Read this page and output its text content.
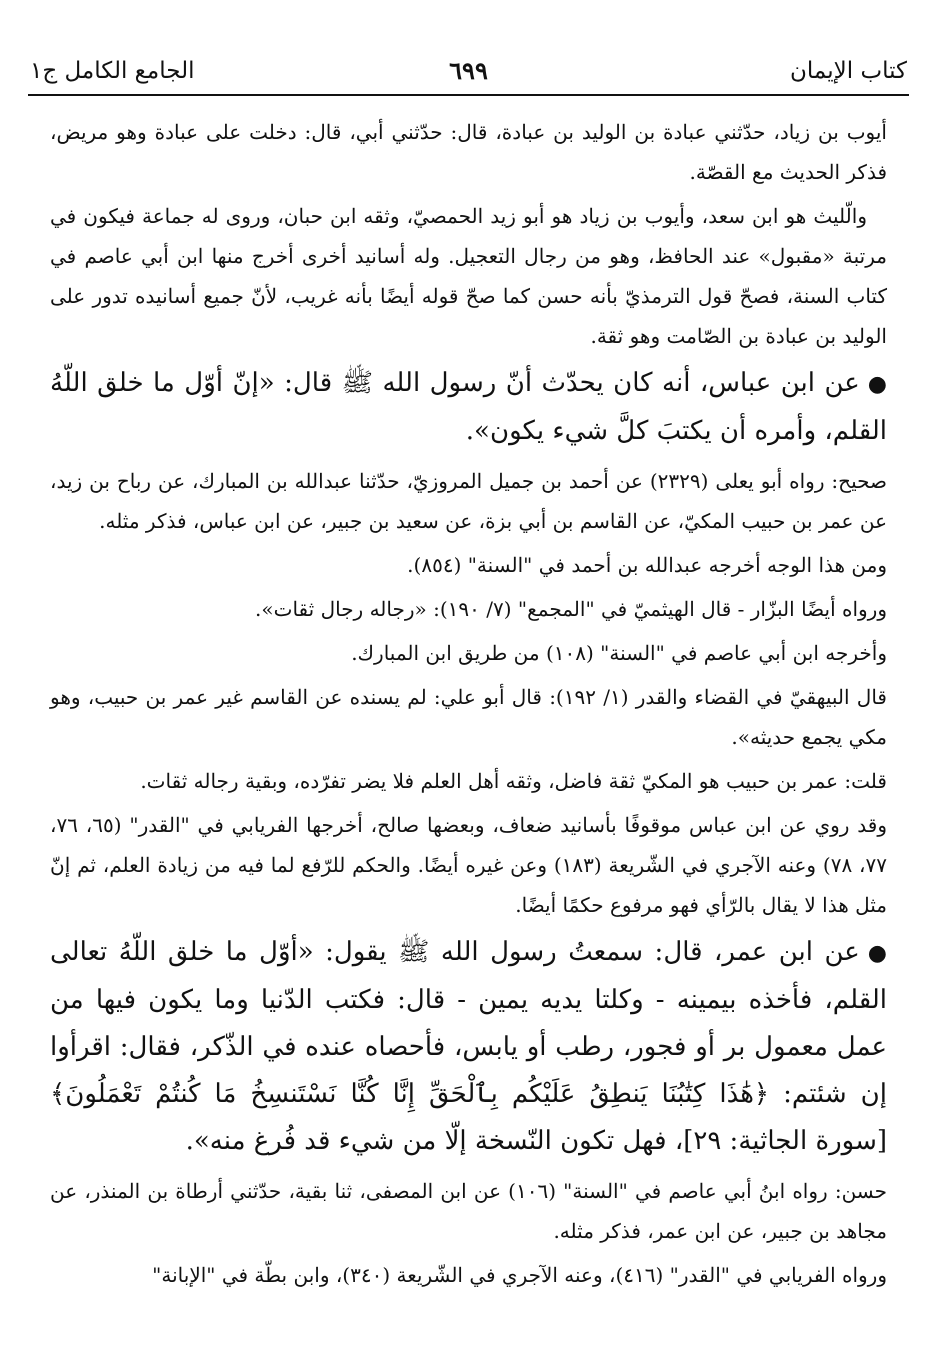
كتاب الإيمان
٦٩٩
الجامع الكامل ج١

أيوب بن زياد، حدّثني عبادة بن الوليد بن عبادة، قال: حدّثني أبي، قال: دخلت على عبادة وهو مريض، فذكر الحديث مع القصّة.

والّليث هو ابن سعد، وأيوب بن زياد هو أبو زيد الحمصيّ، وثقه ابن حبان، وروى له جماعة فيكون في مرتبة «مقبول» عند الحافظ، وهو من رجال التعجيل. وله أسانيد أخرى أخرج منها ابن أبي عاصم في كتاب السنة، فصحّ قول الترمذيّ بأنه حسن كما صحّ قوله أيضًا بأنه غريب، لأنّ جميع أسانيده تدور على الوليد بن عبادة بن الصّامت وهو ثقة.

●عن ابن عباس، أنه كان يحدّث أنّ رسول الله ﷺ قال: «إنّ أوّل ما خلق اللّهُ القلم، وأمره أن يكتبَ كلَّ شيء يكون».

صحيح: رواه أبو يعلى (٢٣٢٩) عن أحمد بن جميل المروزيّ، حدّثنا عبدالله بن المبارك، عن رباح بن زيد، عن عمر بن حبيب المكيّ، عن القاسم بن أبي بزة، عن سعيد بن جبير، عن ابن عباس، فذكر مثله.

ومن هذا الوجه أخرجه عبدالله بن أحمد في "السنة" (٨٥٤).

ورواه أيضًا البزّار - قال الهيثميّ في "المجمع" (٧/ ١٩٠): «رجاله رجال ثقات».

وأخرجه ابن أبي عاصم في "السنة" (١٠٨) من طريق ابن المبارك.

قال البيهقيّ في القضاء والقدر (١/ ١٩٢): قال أبو علي: لم يسنده عن القاسم غير عمر بن حبيب، وهو مكي يجمع حديثه».

قلت: عمر بن حبيب هو المكيّ ثقة فاضل، وثقه أهل العلم فلا يضر تفرّده، وبقية رجاله ثقات.

وقد روي عن ابن عباس موقوفًا بأسانيد ضعاف، وبعضها صالح، أخرجها الفريابي في "القدر" (٦٥، ٧٦، ٧٧، ٧٨) وعنه الآجري في الشّريعة (١٨٣) وعن غيره أيضًا. والحكم للرّفع لما فيه من زيادة العلم، ثم إنّ مثل هذا لا يقال بالرّأي فهو مرفوع حكمًا أيضًا.

●عن ابن عمر، قال: سمعتُ رسول الله ﷺ يقول: «أوّل ما خلق اللّهُ تعالى القلم، فأخذه بيمينه - وكلتا يديه يمين - قال: فكتب الدّنيا وما يكون فيها من عمل معمول بر أو فجور، رطب أو يابس، فأحصاه عنده في الذّكر، فقال: اقرأوا إن شئتم: ﴿هَٰذَا كِتَٰبُنَا يَنطِقُ عَلَيْكُم بِٱلْحَقِّ إِنَّا كُنَّا نَسْتَنسِخُ مَا كُنتُمْ تَعْمَلُونَ﴾ [سورة الجاثية: ٢٩]، فهل تكون النّسخة إلّا من شيء قد فُرغ منه».

حسن: رواه ابنُ أبي عاصم في "السنة" (١٠٦) عن ابن المصفى، ثنا بقية، حدّثني أرطاة بن المنذر، عن مجاهد بن جبير، عن ابن عمر، فذكر مثله.

ورواه الفريابي في "القدر" (٤١٦)، وعنه الآجري في الشّريعة (٣٤٠)، وابن بطّة في "الإبانة"
